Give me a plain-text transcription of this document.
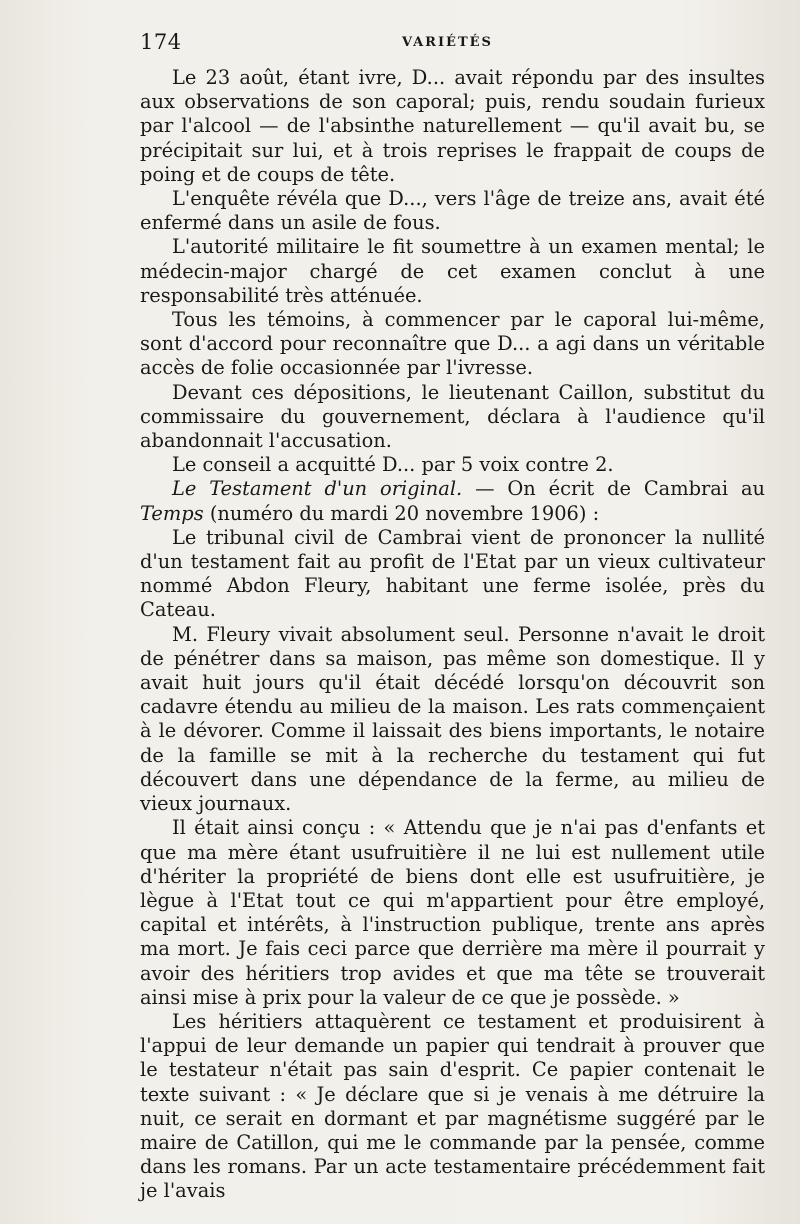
174	VARIÉTÉS

Le 23 août, étant ivre, D... avait répondu par des insultes aux observations de son caporal; puis, rendu soudain furieux par l'alcool — de l'absinthe naturellement — qu'il avait bu, se précipitait sur lui, et à trois reprises le frappait de coups de poing et de coups de tête.

L'enquête révéla que D..., vers l'âge de treize ans, avait été enfermé dans un asile de fous.

L'autorité militaire le fit soumettre à un examen mental; le médecin-major chargé de cet examen conclut à une responsabilité très atténuée.

Tous les témoins, à commencer par le caporal lui-même, sont d'accord pour reconnaître que D... a agi dans un véritable accès de folie occasionnée par l'ivresse.

Devant ces dépositions, le lieutenant Caillon, substitut du commissaire du gouvernement, déclara à l'audience qu'il abandonnait l'accusation.

Le conseil a acquitté D... par 5 voix contre 2.

Le Testament d'un original. — On écrit de Cambrai au Temps (numéro du mardi 20 novembre 1906) :

Le tribunal civil de Cambrai vient de prononcer la nullité d'un testament fait au profit de l'Etat par un vieux cultivateur nommé Abdon Fleury, habitant une ferme isolée, près du Cateau.

M. Fleury vivait absolument seul. Personne n'avait le droit de pénétrer dans sa maison, pas même son domestique. Il y avait huit jours qu'il était décédé lorsqu'on découvrit son cadavre étendu au milieu de la maison. Les rats commençaient à le dévorer. Comme il laissait des biens importants, le notaire de la famille se mit à la recherche du testament qui fut découvert dans une dépendance de la ferme, au milieu de vieux journaux.

Il était ainsi conçu : « Attendu que je n'ai pas d'enfants et que ma mère étant usufruitière il ne lui est nullement utile d'hériter la propriété de biens dont elle est usufruitière, je lègue à l'Etat tout ce qui m'appartient pour être employé, capital et intérêts, à l'instruction publique, trente ans après ma mort. Je fais ceci parce que derrière ma mère il pourrait y avoir des héritiers trop avides et que ma tête se trouverait ainsi mise à prix pour la valeur de ce que je possède. »

Les héritiers attaquèrent ce testament et produisirent à l'appui de leur demande un papier qui tendrait à prouver que le testateur n'était pas sain d'esprit. Ce papier contenait le texte suivant : « Je déclare que si je venais à me détruire la nuit, ce serait en dormant et par magnétisme suggéré par le maire de Catillon, qui me le commande par la pensée, comme dans les romans. Par un acte testamentaire précédemment fait je l'avais
